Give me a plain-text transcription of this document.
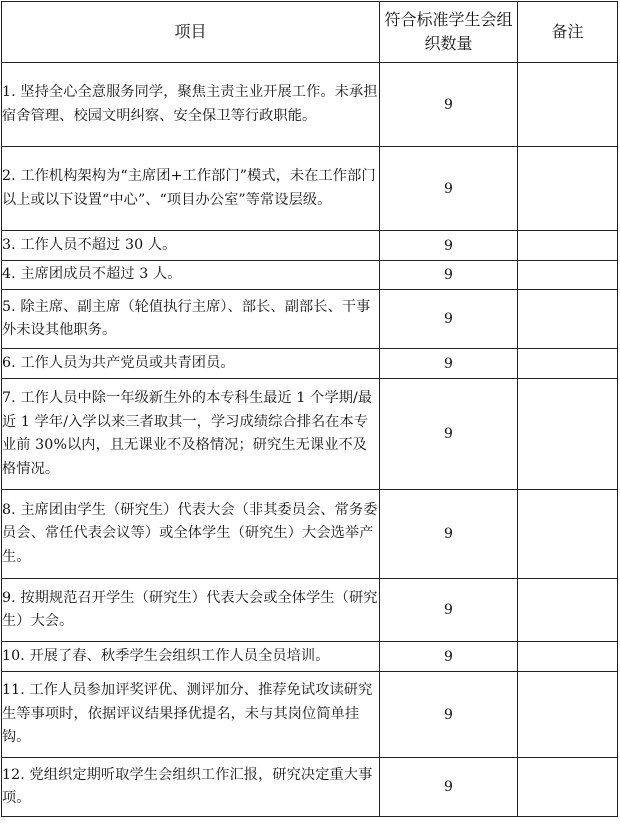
项目	符合标准学生会组织数量	备注
1. 坚持全心全意服务同学，聚焦主责主业开展工作。未承担宿舍管理、校园文明纠察、安全保卫等行政职能。	9	
2. 工作机构架构为“主席团+工作部门”模式，未在工作部门以上或以下设置“中心”、“项目办公室”等常设层级。	9	
3. 工作人员不超过 30 人。	9	
4. 主席团成员不超过 3 人。	9	
5. 除主席、副主席（轮值执行主席）、部长、副部长、干事外未设其他职务。	9	
6. 工作人员为共产党员或共青团员。	9	
7. 工作人员中除一年级新生外的本专科生最近 1 个学期/最近 1 学年/入学以来三者取其一，学习成绩综合排名在本专业前 30%以内，且无课业不及格情况；研究生无课业不及格情况。	9	
8. 主席团由学生（研究生）代表大会（非其委员会、常务委员会、常任代表会议等）或全体学生（研究生）大会选举产生。	9	
9. 按期规范召开学生（研究生）代表大会或全体学生（研究生）大会。	9	
10. 开展了春、秋季学生会组织工作人员全员培训。	9	
11. 工作人员参加评奖评优、测评加分、推荐免试攻读研究生等事项时，依据评议结果择优提名，未与其岗位简单挂钩。	9	
12. 党组织定期听取学生会组织工作汇报，研究决定重大事项。	9	
